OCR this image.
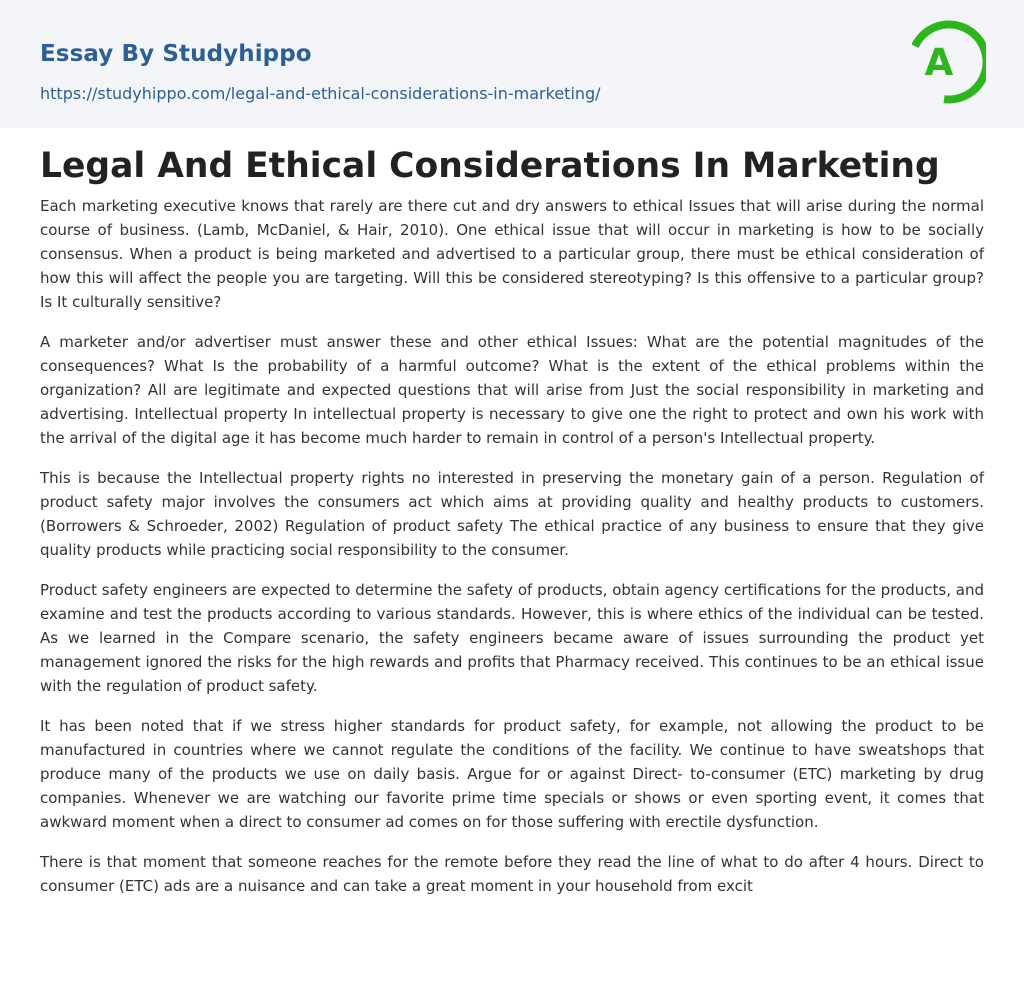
Essay By Studyhippo
https://studyhippo.com/legal-and-ethical-considerations-in-marketing/
A
Legal And Ethical Considerations In Marketing

Each marketing executive knows that rarely are there cut and dry answers to ethical Issues that will arise during the normal course of business. (Lamb, McDaniel, & Hair, 2010). One ethical issue that will occur in marketing is how to be socially consensus. When a product is being marketed and advertised to a particular group, there must be ethical consideration of how this will affect the people you are targeting. Will this be considered stereotyping? Is this offensive to a particular group? Is It culturally sensitive?

A marketer and/or advertiser must answer these and other ethical Issues: What are the potential magnitudes of the consequences? What Is the probability of a harmful outcome? What is the extent of the ethical problems within the organization? All are legitimate and expected questions that will arise from Just the social responsibility in marketing and advertising. Intellectual property In intellectual property is necessary to give one the right to protect and own his work with the arrival of the digital age it has become much harder to remain in control of a person's Intellectual property.

This is because the Intellectual property rights no interested in preserving the monetary gain of a person. Regulation of product safety major involves the consumers act which aims at providing quality and healthy products to customers. (Borrowers & Schroeder, 2002) Regulation of product safety The ethical practice of any business to ensure that they give quality products while practicing social responsibility to the consumer.

Product safety engineers are expected to determine the safety of products, obtain agency certifications for the products, and examine and test the products according to various standards. However, this is where ethics of the individual can be tested. As we learned in the Compare scenario, the safety engineers became aware of issues surrounding the product yet management ignored the risks for the high rewards and profits that Pharmacy received. This continues to be an ethical issue with the regulation of product safety.

It has been noted that if we stress higher standards for product safety, for example, not allowing the product to be manufactured in countries where we cannot regulate the conditions of the facility. We continue to have sweatshops that produce many of the products we use on daily basis. Argue for or against Direct- to-consumer (ETC) marketing by drug companies. Whenever we are watching our favorite prime time specials or shows or even sporting event, it comes that awkward moment when a direct to consumer ad comes on for those suffering with erectile dysfunction.

There is that moment that someone reaches for the remote before they read the line of what to do after 4 hours. Direct to consumer (ETC) ads are a nuisance and can take a great moment in your household from excit
